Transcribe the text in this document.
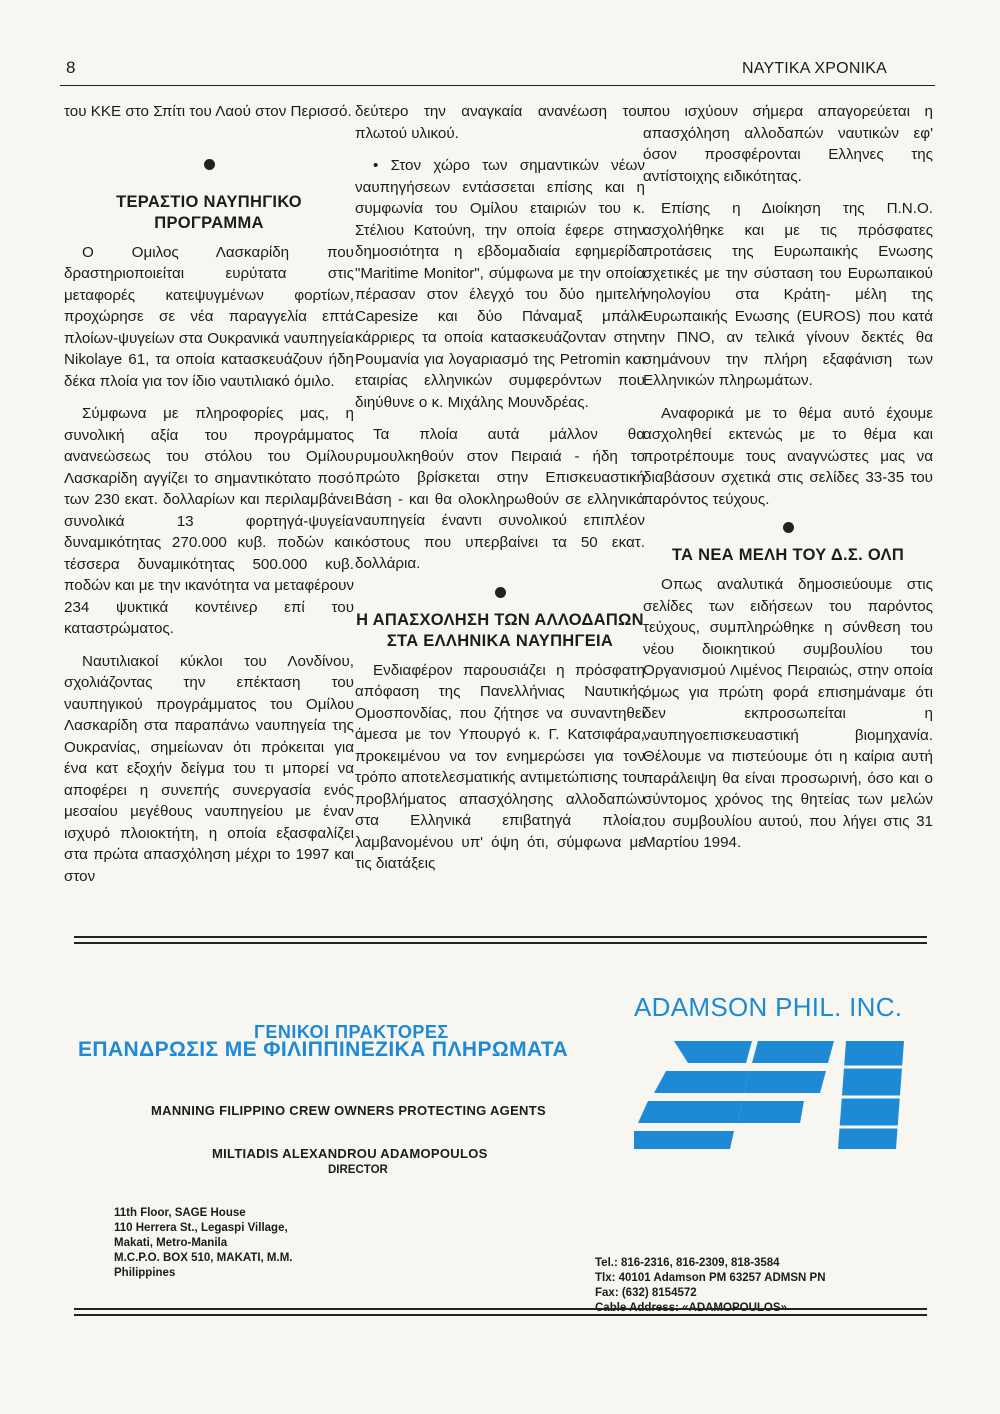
8	ΝΑΥΤΙΚΑ ΧΡΟΝΙΚΑ

του ΚΚΕ στο Σπίτι του Λαού στον Περισσό.

ΤΕΡΑΣΤΙΟ ΝΑΥΠΗΓΙΚΟ ΠΡΟΓΡΑΜΜΑ

Ο Ομιλος Λασκαρίδη που δραστηριοποιείται ευρύτατα στις μεταφορές κατεψυγμένων φορτίων, προχώρησε σε νέα παραγγελία επτά πλοίων-ψυγείων στα Ουκρανικά ναυπηγεία Nikolaye 61, τα οποία κατασκευάζουν ήδη δέκα πλοία για τον ίδιο ναυτιλιακό όμιλο.

Σύμφωνα με πληροφορίες μας, η συνολική αξία του προγράμματος ανανεώσεως του στόλου του Ομίλου Λασκαρίδη αγγίζει το σημαντικότατο ποσό των 230 εκατ. δολλαρίων και περιλαμβάνει συνολικά 13 φορτηγά-ψυγεία δυναμικότητας 270.000 κυβ. ποδών και τέσσερα δυναμικότητας 500.000 κυβ. ποδών και με την ικανότητα να μεταφέρουν 234 ψυκτικά κοντέινερ επί του καταστρώματος.

Ναυτιλιακοί κύκλοι του Λονδίνου, σχολιάζοντας την επέκταση του ναυπηγικού προγράμματος του Ομίλου Λασκαρίδη στα παραπάνω ναυπηγεία της Ουκρανίας, σημείωναν ότι πρόκειται για ένα κατ εξοχήν δείγμα του τι μπορεί να αποφέρει η συνεπής συνεργασία ενός μεσαίου μεγέθους ναυπηγείου με έναν ισχυρό πλοιοκτήτη, η οποία εξασφαλίζει στα πρώτα απασχόληση μέχρι το 1997 και στον

δεύτερο την αναγκαία ανανέωση του πλωτού υλικού.

• Στον χώρο των σημαντικών νέων ναυπηγήσεων εντάσσεται επίσης και η συμφωνία του Ομίλου εταιριών του κ. Στέλιου Κατούνη, την οποία έφερε στην δημοσιότητα η εβδομαδιαία εφημερίδα "Maritime Monitor", σύμφωνα με την οποία πέρασαν στον έλεγχό του δύο ημιτελή Capesize και δύο Πάναμαξ μπάλκ κάρριερς τα οποία κατασκευάζονταν στην Ρουμανία για λογαριασμό της Petromin και εταιρίας ελληνικών συμφερόντων που διηύθυνε ο κ. Μιχάλης Μουνδρέας.

Τα πλοία αυτά μάλλον θα ρυμουλκηθούν στον Πειραιά - ήδη το πρώτο βρίσκεται στην Επισκευαστική Βάση - και θα ολοκληρωθούν σε ελληνικά ναυπηγεία έναντι συνολικού επιπλέον κόστους που υπερβαίνει τα 50 εκατ. δολλάρια.

Η ΑΠΑΣΧΟΛΗΣΗ ΤΩΝ ΑΛΛΟΔΑΠΩΝ ΣΤΑ ΕΛΛΗΝΙΚΑ ΝΑΥΠΗΓΕΙΑ

Ενδιαφέρον παρουσιάζει η πρόσφατη απόφαση της Πανελλήνιας Ναυτικής Ομοσπονδίας, που ζήτησε να συναντηθεί άμεσα με τον Υπουργό κ. Γ. Κατσιφάρα, προκειμένου να τον ενημερώσει για τον τρόπο αποτελεσματικής αντιμετώπισης του προβλήματος απασχόλησης αλλοδαπών στα Ελληνικά επιβατηγά πλοία, λαμβανομένου υπ' όψη ότι, σύμφωνα με τις διατάξεις

που ισχύουν σήμερα απαγορεύεται η απασχόληση αλλοδαπών ναυτικών εφ' όσον προσφέρονται Ελληνες της αντίστοιχης ειδικότητας.

Επίσης η Διοίκηση της Π.Ν.Ο. ασχολήθηκε και με τις πρόσφατες προτάσεις της Ευρωπαικής Ενωσης σχετικές με την σύσταση του Ευρωπαικού νηολογίου στα Κράτη- μέλη της Ευρωπαικής Ενωσης (EUROS) που κατά την ΠΝΟ, αν τελικά γίνουν δεκτές θα σημάνουν την πλήρη εξαφάνιση των Ελληνικών πληρωμάτων.

Αναφορικά με το θέμα αυτό έχουμε ασχοληθεί εκτενώς με το θέμα και προτρέπουμε τους αναγνώστες μας να διαβάσουν σχετικά στις σελίδες 33-35 του παρόντος τεύχους.

ΤΑ ΝΕΑ ΜΕΛΗ ΤΟΥ Δ.Σ. ΟΛΠ

Οπως αναλυτικά δημοσιεύουμε στις σελίδες των ειδήσεων του παρόντος τεύχους, συμπληρώθηκε η σύνθεση του νέου διοικητικού συμβουλίου του Οργανισμού Λιμένος Πειραιώς, στην οποία όμως για πρώτη φορά επισημάναμε ότι δεν εκπροσωπείται η ναυπηγοεπισκευαστική βιομηχανία. Θέλουμε να πιστεύουμε ότι η καίρια αυτή παράλειψη θα είναι προσωρινή, όσο και ο σύντομος χρόνος της θητείας των μελών του συμβουλίου αυτού, που λήγει στις 31 Μαρτίου 1994.

ADAMSON PHIL. INC.
ΓΕΝΙΚΟΙ ΠΡΑΚΤΟΡΕΣ
ΕΠΑΝΔΡΩΣΙΣ ΜΕ ΦΙΛΙΠΠΙΝΕΖΙΚΑ ΠΛΗΡΩΜΑΤΑ
MANNING FILIPPINO CREW OWNERS PROTECTING AGENTS
MILTIADIS ALEXANDROU ADAMOPOULOS
DIRECTOR
11th Floor, SAGE House
110 Herrera St., Legaspi Village,
Makati, Metro-Manila
M.C.P.O. BOX 510, MAKATI, M.M.
Philippines
Tel.: 816-2316, 816-2309, 818-3584
Tlx: 40101 Adamson PM 63257 ADMSN PN
Fax: (632) 8154572
Cable Address: «ADAMOPOULOS»
